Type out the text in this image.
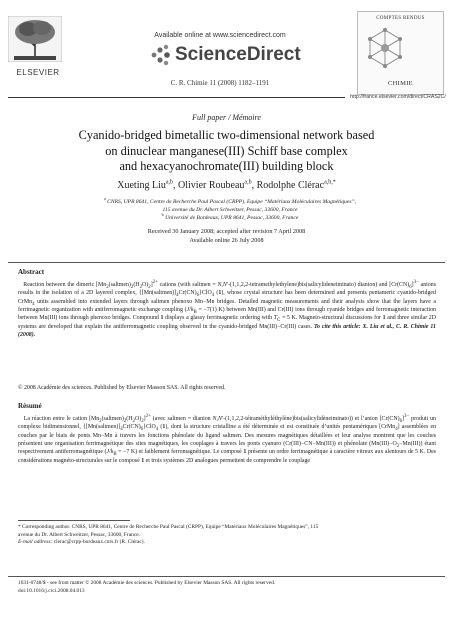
ELSEVIER
Available online at www.sciencedirect.com
ScienceDirect
C. R. Chimie 11 (2008) 1182–1191
COMPTES RENDUS
CHIMIE
http://france.elsevier.com/direct/CRAS2C/
Full paper / Mémoire
Cyanido-bridged bimetallic two-dimensional network based
on dinuclear manganese(III) Schiff base complex
and hexacyanochromate(III) building block
Xueting Liu$^{a,b}$, Olivier Roubeau$^{a,b}$, Rodolphe Clérac$^{a,b,*}$
$^a$ CNRS, UPR 8641, Centre de Recherche Paul Pascal (CRPP), Equipe “Matériaux Moléculaires Magnétiques”,
115 avenue du Dr. Albert Schweitzer, Pessac, 33600, France
$^b$ Université de Bordeaux, UPR 8641, Pessac, 33600, France
Received 30 January 2008; accepted after revision 7 April 2008
Available online 26 July 2008
Abstract
Reaction between the dimeric $[Mn_2(saltmen)_2(H_2O)_2]^{2+}$ cations (with saltmen = N,N′-(1,1,2,2-tetramethylethylene)bis(salicylideneiminato) dianion) and $[Cr(CN)_6]^{3-}$ anions results in the isolation of a 2D layered complex, $\{[Mn(saltmen)]_4Cr(CN)_6\}ClO_4$ (1), whose crystal structure has been determined and presents pentameric cyanido-bridged CrMn$_4$ units assembled into extended layers through saltmen phenoxo Mn−Mn bridges. Detailed magnetic measurements and their analysis show that the layers have a ferrimagnetic organization with antiferromagnetic exchange coupling ($J/k_B = -7(1)$ K) between Mn(III) and Cr(III) ions through cyanide bridges and ferromagnetic interaction between Mn(III) ions through phenoxo bridges. Compound 1 displays a glassy ferrimagnetic ordering with $T_C = 5$ K. Magneto-structural discussions for 1 and three similar 2D systems are developed that explain the antiferromagnetic coupling observed in the cyanido-bridged Mn(III)−Cr(III) cases. To cite this article: X. Liu et al., C. R. Chimie 11 (2008).
© 2008 Académie des sciences. Published by Elsevier Masson SAS. All rights reserved.
Résumé
La réaction entre le cation $[Mn_2(saltmen)_2(H_2O)_2]^{2+}$ (avec saltmen = dianion N,N′-(1,1,2,2-tétraméthyléthylène)bis(salicylidèneiminato)) et l’anion $[Cr(CN)_6]^{3-}$ produit un complexe bidimensionnel, $\{[Mn(saltmen)]_4Cr(CN)_6\}ClO_4$ (1), dont la structure cristalline a été déterminée et est constituée d’unités pentamériques [CrMn$_4$] assemblées en couches par le biais de ponts Mn−Mn à travers les fonctions phénolate du ligand saltmen. Des mesures magnétiques détaillées et leur analyse montrent que les couches présentent une organisation ferrimagnétique des sites magnétiques, les couplages à travers les ponts cyanuro (Cr(III)−CN−Mn(III)) et phénolate $(Mn(III)-O_2-Mn(III))$ étant respectivement antiferromagnétique ($J/k_B = -7$ K) et faiblement ferromagnétique. Le composé 1 présente un ordre ferrimagnétique à caractère vitreux aux alentours de 5 K. Des considérations magnéto-structurales sur le composé 1 et trois systèmes 2D analogues permettent de comprendre le couplage
* Corresponding author. CNRS, UPR 8641, Centre de Recherche Paul Pascal (CRPP), Equipe “Matériaux Moléculaires Magnétiques”, 115
avenue du Dr. Albert Schweitzer, Pessac, 33600, France.
E-mail address: clerac@crpp-bordeaux.cnrs.fr (R. Clérac).
1631-0748/$ - see front matter © 2008 Académie des sciences. Published by Elsevier Masson SAS. All rights reserved.
doi:10.1016/j.crci.2008.04.013
